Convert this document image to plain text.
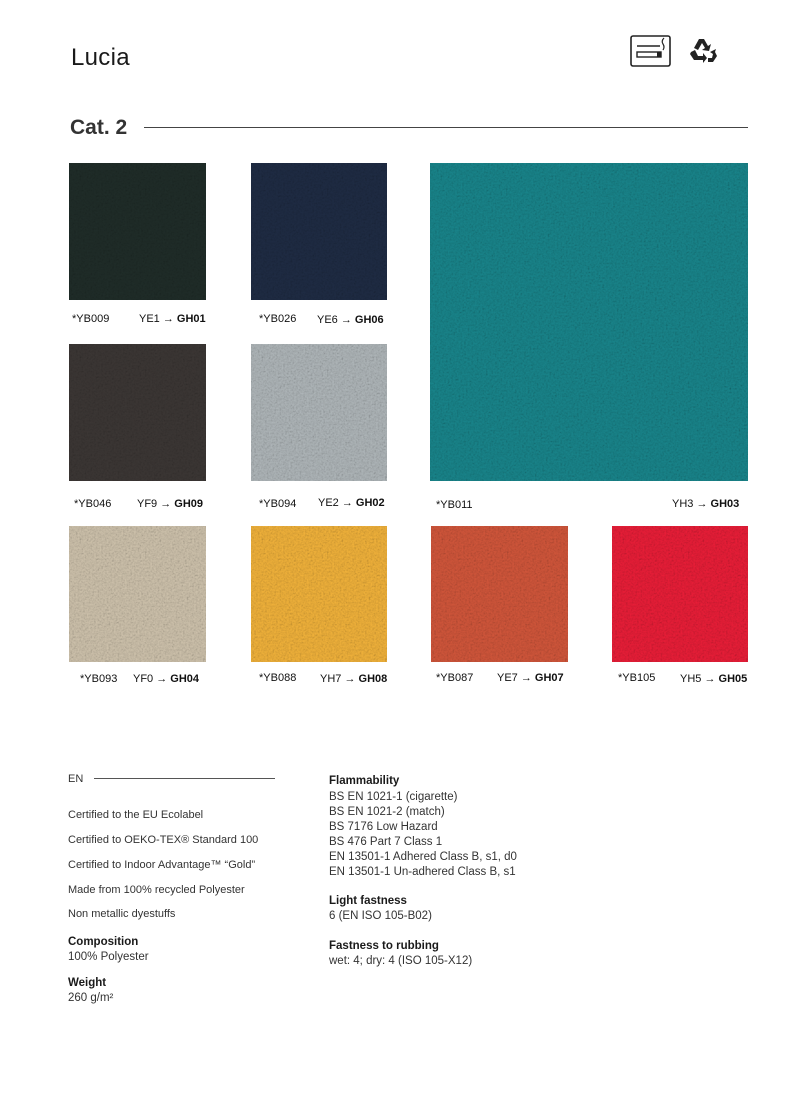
Lucia
Cat. 2
*YB009	YE1 → GH01	*YB026 YE6 → GH06
*YB011	YH3 → GH03
*YB046 YF9 → GH09	*YB094 YE2 → GH02
*YB093 YF0 → GH04	*YB088 YH7 → GH08	*YB087 YE7 → GH07	*YB105 YH5 → GH05
EN
Certified to the EU Ecolabel
Certified to OEKO-TEX® Standard 100
Certified to Indoor Advantage™ “Gold”
Made from 100% recycled Polyester
Non metallic dyestuffs
Composition
100% Polyester
Weight
260 g/m²
Flammability
BS EN 1021-1 (cigarette)
BS EN 1021-2 (match)
BS 7176 Low Hazard
BS 476 Part 7 Class 1
EN 13501-1 Adhered Class B, s1, d0
EN 13501-1 Un-adhered Class B, s1
Light fastness
6 (EN ISO 105-B02)
Fastness to rubbing
wet: 4; dry: 4 (ISO 105-X12)
